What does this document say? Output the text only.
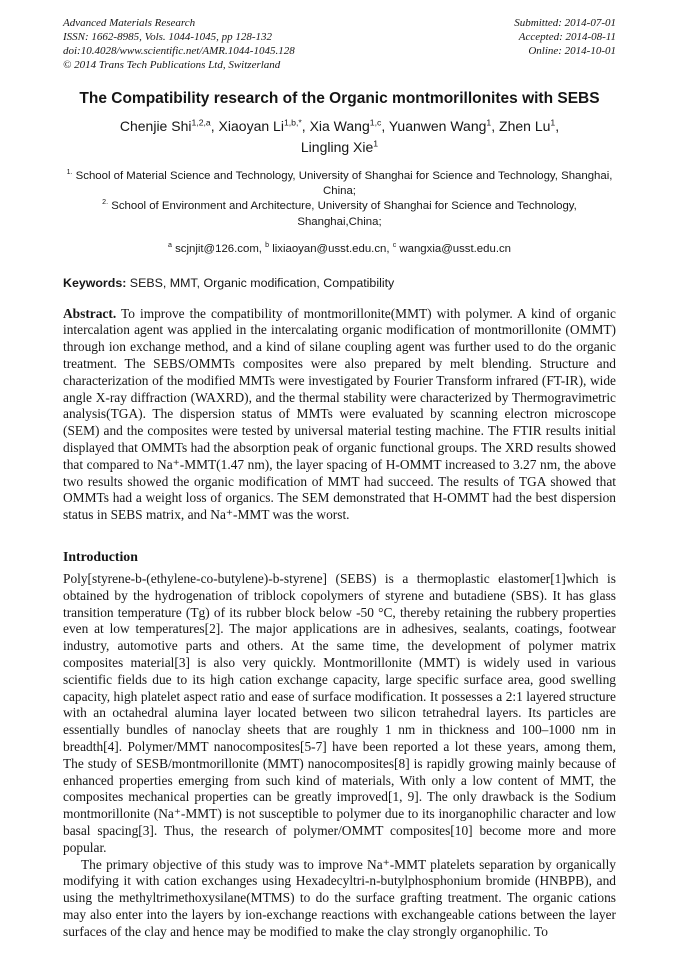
Advanced Materials Research
ISSN: 1662-8985, Vols. 1044-1045, pp 128-132
doi:10.4028/www.scientific.net/AMR.1044-1045.128
© 2014 Trans Tech Publications Ltd, Switzerland
Submitted: 2014-07-01
Accepted: 2014-08-11
Online: 2014-10-01
The Compatibility research of the Organic montmorillonites with SEBS
Chenjie Shi$^{1,2,a}$, Xiaoyan $Li^{1,b,*}$, Xia Wang$^{1,c}$, Yuanwen Wang$^1$, Zhen Lu$^1$,
Lingling Xie$^1$

$^{1.}$ School of Material Science and Technology, University of Shanghai for Science and Technology, Shanghai, China;

$^{2.}$ School of Environment and Architecture, University of Shanghai for Science and Technology, Shanghai,China;

$^a$ scjnjit@126.com, $^b$ lixiaoyan@usst.edu.cn, $^c$ wangxia@usst.edu.cn
Keywords: SEBS, MMT, Organic modification, Compatibility

Abstract. To improve the compatibility of montmorillonite(MMT) with polymer. A kind of organic intercalation agent was applied in the intercalating organic modification of montmorillonite (OMMT) through ion exchange method, and a kind of silane coupling agent was further used to do the organic treatment. The SEBS/OMMTs composites were also prepared by melt blending. Structure and characterization of the modified MMTs were investigated by Fourier Transform infrared (FT-IR), wide angle X-ray diffraction (WAXRD), and the thermal stability were characterized by Thermogravimetric analysis(TGA). The dispersion status of MMTs were evaluated by scanning electron microscope (SEM) and the composites were tested by universal material testing machine. The FTIR results initial displayed that OMMTs had the absorption peak of organic functional groups. The XRD results showed that compared to Na⁺-MMT(1.47 nm), the layer spacing of H-OMMT increased to 3.27 nm, the above two results showed the organic modification of MMT had succeed. The results of TGA showed that OMMTs had a weight loss of organics. The SEM demonstrated that H-OMMT had the best dispersion status in SEBS matrix, and Na⁺-MMT was the worst.

Introduction

Poly[styrene-b-(ethylene-co-butylene)-b-styrene] (SEBS) is a thermoplastic elastomer[1]which is obtained by the hydrogenation of triblock copolymers of styrene and butadiene (SBS). It has glass transition temperature (Tg) of its rubber block below -50 °C, thereby retaining the rubbery properties even at low temperatures[2]. The major applications are in adhesives, sealants, coatings, footwear industry, automotive parts and others. At the same time, the development of polymer matrix composites material[3] is also very quickly. Montmorillonite (MMT) is widely used in various scientific fields due to its high cation exchange capacity, large specific surface area, good swelling capacity, high platelet aspect ratio and ease of surface modification. It possesses a 2:1 layered structure with an octahedral alumina layer located between two silicon tetrahedral layers. Its particles are essentially bundles of nanoclay sheets that are roughly 1 nm in thickness and 100–1000 nm in breadth[4]. Polymer/MMT nanocomposites[5-7] have been reported a lot these years, among them, The study of SESB/montmorillonite (MMT) nanocomposites[8] is rapidly growing mainly because of enhanced properties emerging from such kind of materials, With only a low content of MMT, the composites mechanical properties can be greatly improved[1, 9]. The only drawback is the Sodium montmorillonite (Na⁺-MMT) is not susceptible to polymer due to its inorganophilic character and low basal spacing[3]. Thus, the research of polymer/OMMT composites[10] become more and more popular.

The primary objective of this study was to improve Na⁺-MMT platelets separation by organically modifying it with cation exchanges using Hexadecyltri-n-butylphosphonium bromide (HNBPB), and using the methyltrimethoxysilane(MTMS) to do the surface grafting treatment. The organic cations may also enter into the layers by ion-exchange reactions with exchangeable cations between the layer surfaces of the clay and hence may be modified to make the clay strongly organophilic. To
